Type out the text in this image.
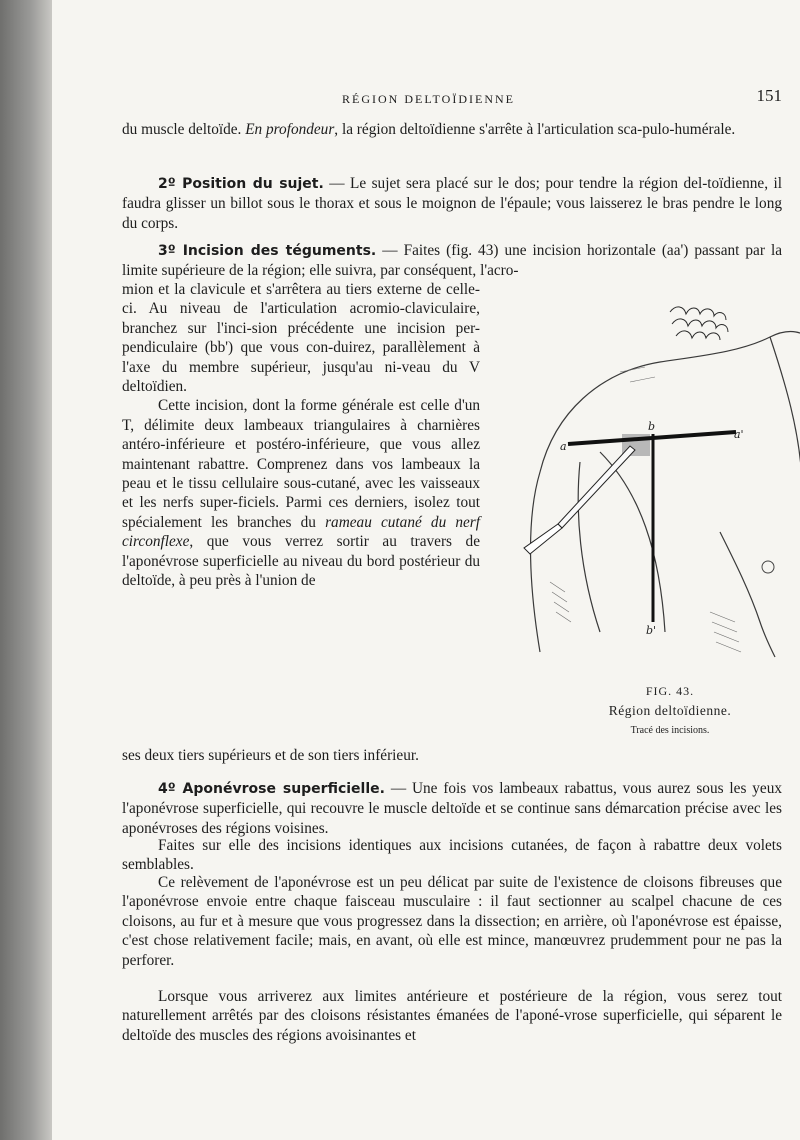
RÉGION DELTOÏDIENNE	151

du muscle deltoïde. En profondeur, la région deltoïdienne s'arrête à l'articulation sca-pulo-humérale.

2º Position du sujet. — Le sujet sera placé sur le dos; pour tendre la région del-toïdienne, il faudra glisser un billot sous le thorax et sous le moignon de l'épaule; vous laisserez le bras pendre le long du corps.

3º Incision des téguments. — Faites (fig. 43) une incision horizontale (aa') passant par la limite supérieure de la région; elle suivra, par conséquent, l'acro-

mion et la clavicule et s'arrêtera au tiers externe de celle-ci. Au niveau de l'articulation acromio-claviculaire, branchez sur l'inci-sion précédente une incision per-pendiculaire (bb') que vous con-duirez, parallèlement à l'axe du membre supérieur, jusqu'au ni-veau du V deltoïdien.

Cette incision, dont la forme générale est celle d'un T, délimite deux lambeaux triangulaires à charnières antéro-inférieure et postéro-inférieure, que vous allez maintenant rabattre. Comprenez dans vos lambeaux la peau et le tissu cellulaire sous-cutané, avec les vaisseaux et les nerfs super-ficiels. Parmi ces derniers, isolez tout spécialement les branches du rameau cutané du nerf circonflexe, que vous verrez sortir au travers de l'aponévrose superficielle au niveau du bord postérieur du deltoïde, à peu près à l'union de

ses deux tiers supérieurs et de son tiers inférieur.

a
a'
b
b'
FIG. 43.
Région deltoïdienne.
Tracé des incisions.

4º Aponévrose superficielle. — Une fois vos lambeaux rabattus, vous aurez sous les yeux l'aponévrose superficielle, qui recouvre le muscle deltoïde et se continue sans démarcation précise avec les aponévroses des régions voisines.

Faites sur elle des incisions identiques aux incisions cutanées, de façon à rabattre deux volets semblables.

Ce relèvement de l'aponévrose est un peu délicat par suite de l'existence de cloisons fibreuses que l'aponévrose envoie entre chaque faisceau musculaire : il faut sectionner au scalpel chacune de ces cloisons, au fur et à mesure que vous progressez dans la dissection; en arrière, où l'aponévrose est épaisse, c'est chose relativement facile; mais, en avant, où elle est mince, manœuvrez prudemment pour ne pas la perforer.

Lorsque vous arriverez aux limites antérieure et postérieure de la région, vous serez tout naturellement arrêtés par des cloisons résistantes émanées de l'aponé-vrose superficielle, qui séparent le deltoïde des muscles des régions avoisinantes et
